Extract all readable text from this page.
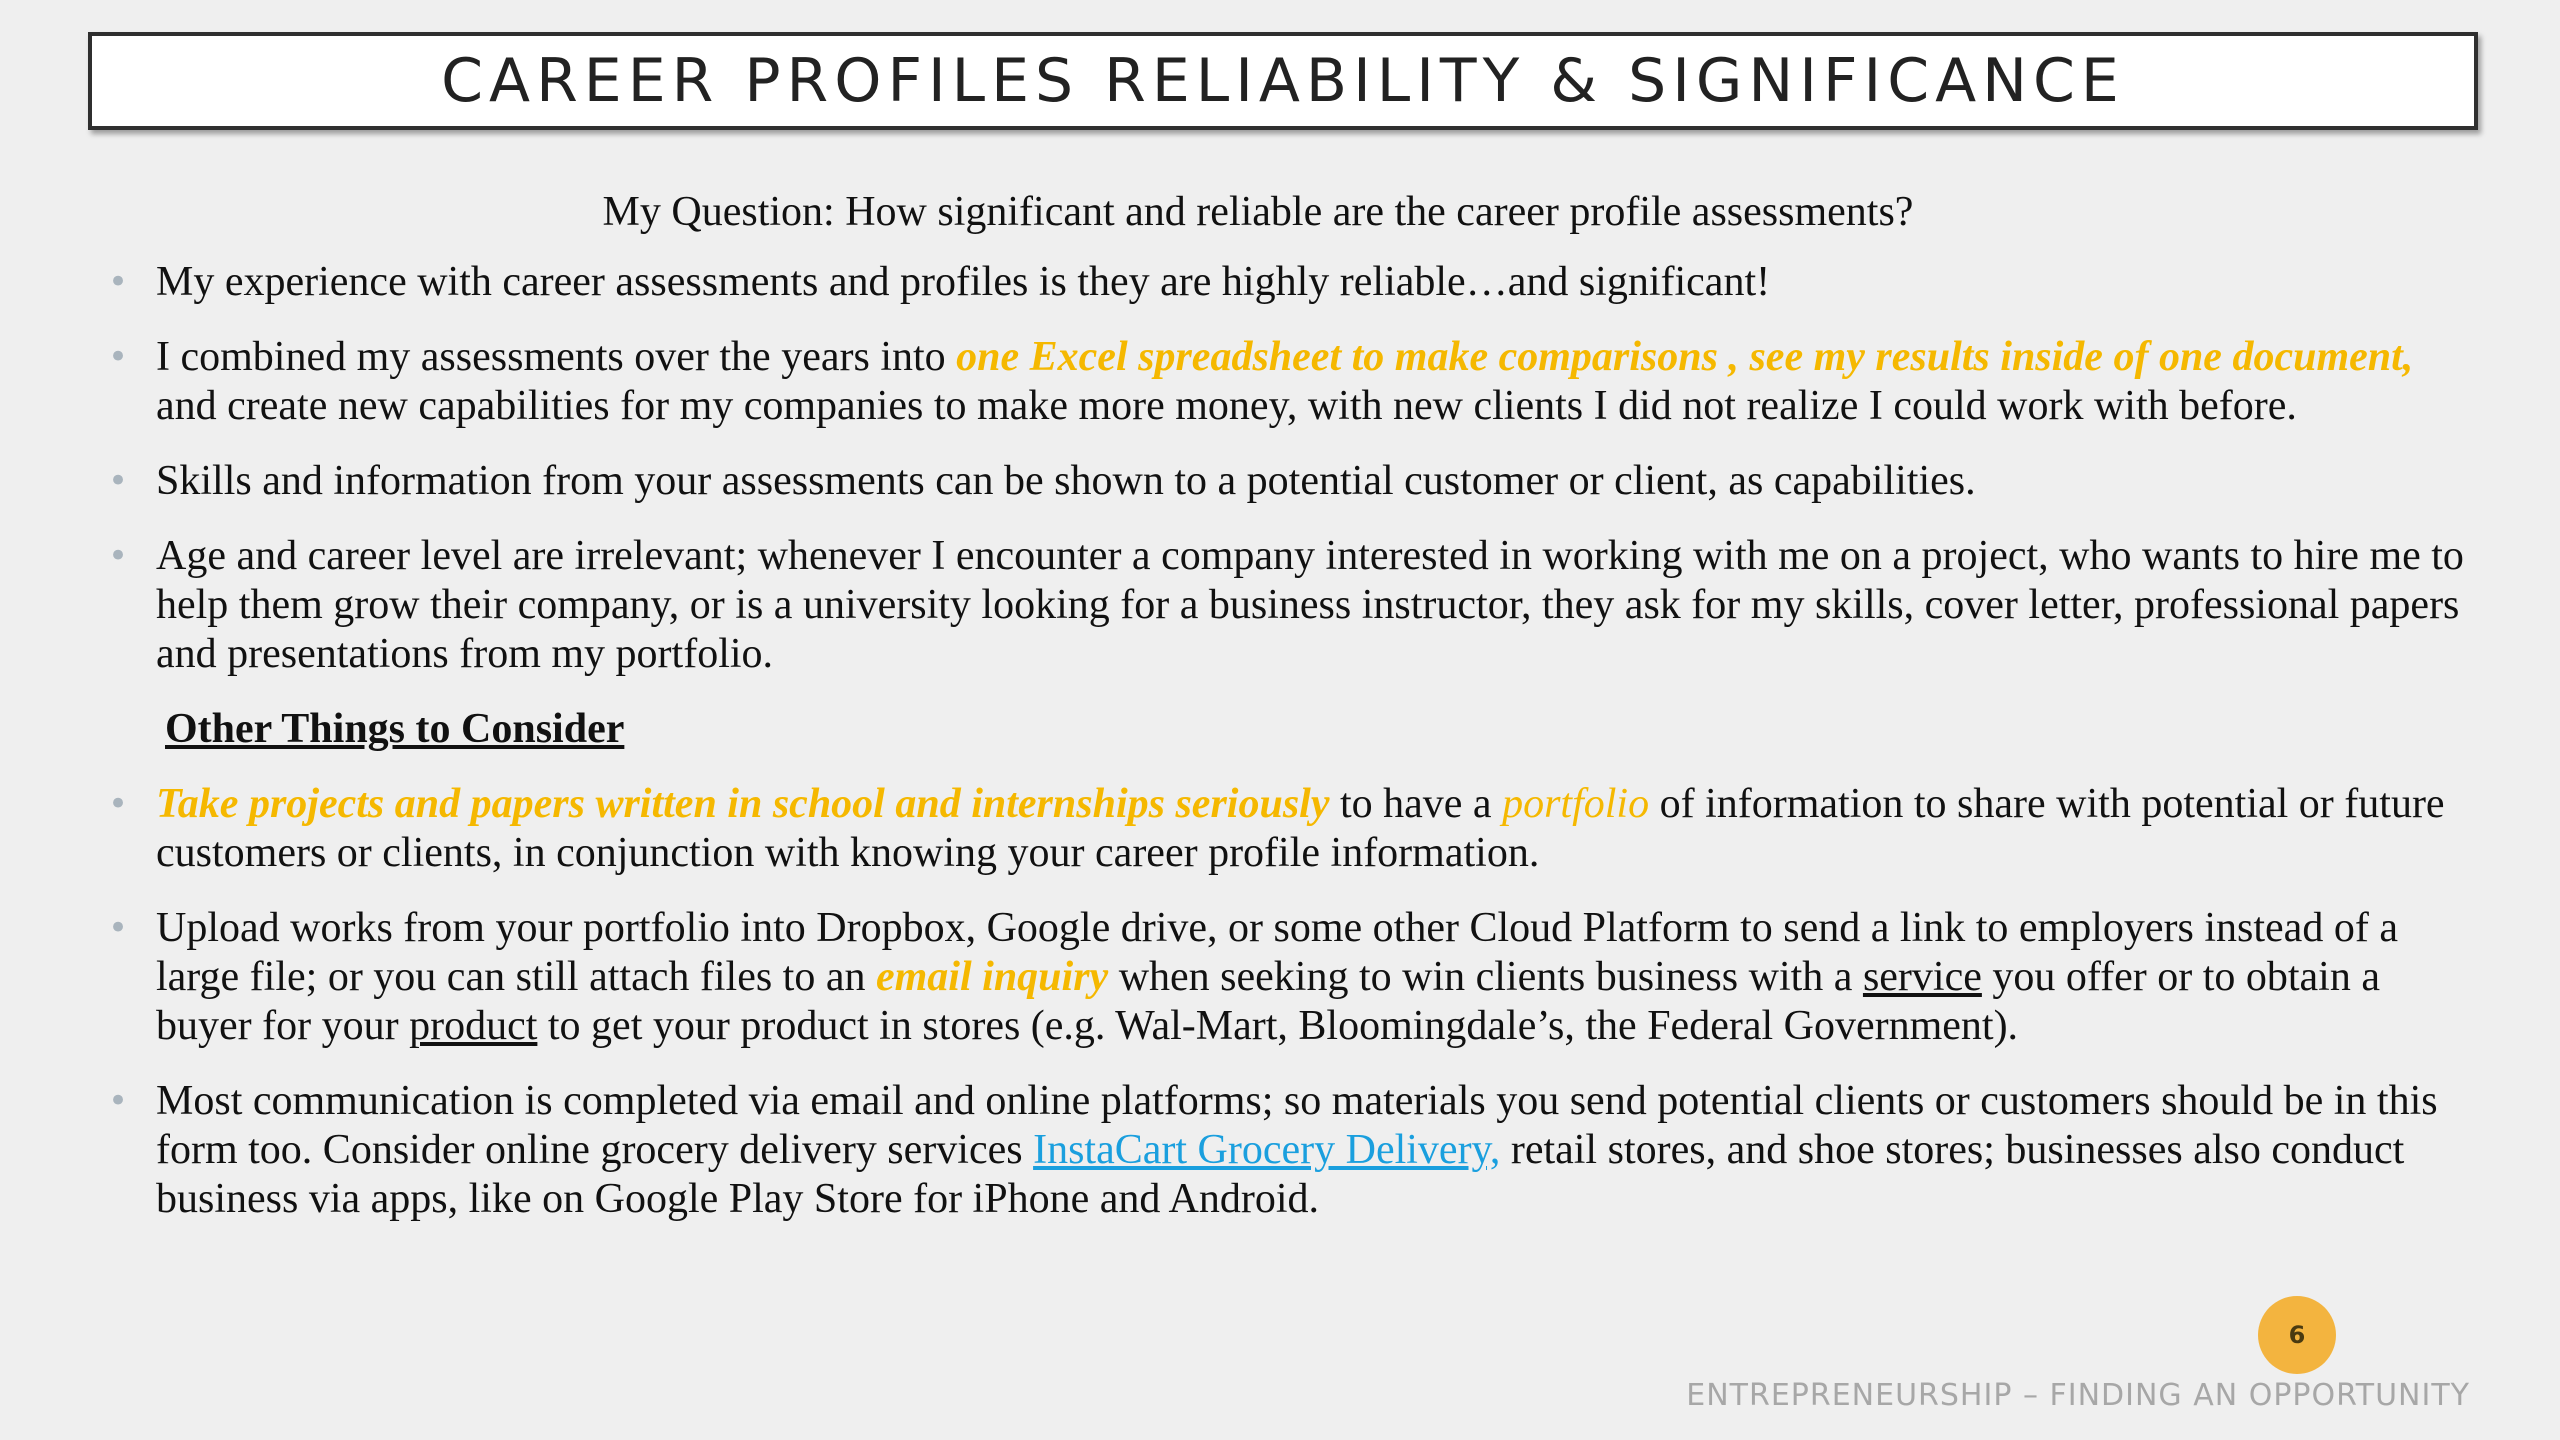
CAREER PROFILES RELIABILITY & SIGNIFICANCE
My Question: How significant and reliable are the career profile assessments?
• My experience with career assessments and profiles is they are highly reliable…and significant!
• I combined my assessments over the years into one Excel spreadsheet to make comparisons , see my results inside of one document, and create new capabilities for my companies to make more money, with new clients I did not realize I could work with before.
• Skills and information from your assessments can be shown to a potential customer or client, as capabilities.
• Age and career level are irrelevant; whenever I encounter a company interested in working with me on a project, who wants to hire me to help them grow their company, or is a university looking for a business instructor, they ask for my skills, cover letter, professional papers and presentations from my portfolio.
Other Things to Consider
• Take projects and papers written in school and internships seriously to have a portfolio of information to share with potential or future customers or clients, in conjunction with knowing your career profile information.
• Upload works from your portfolio into Dropbox, Google drive, or some other Cloud Platform to send a link to employers instead of a large file; or you can still attach files to an email inquiry when seeking to win clients business with a service you offer or to obtain a buyer for your product to get your product in stores (e.g. Wal-Mart, Bloomingdale’s, the Federal Government).
• Most communication is completed via email and online platforms; so materials you send potential clients or customers should be in this form too. Consider online grocery delivery services InstaCart Grocery Delivery, retail stores, and shoe stores; businesses also conduct business via apps, like on Google Play Store for iPhone and Android.
6
ENTREPRENEURSHIP – FINDING AN OPPORTUNITY
